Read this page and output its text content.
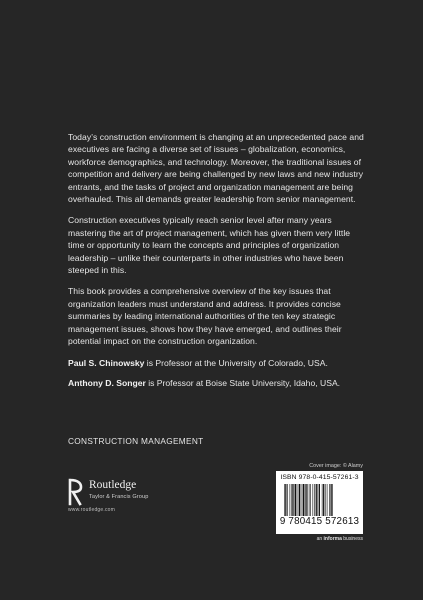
Today’s construction environment is changing at an unprecedented pace and executives are facing a diverse set of issues – globalization, economics, workforce demographics, and technology. Moreover, the traditional issues of competition and delivery are being challenged by new laws and new industry entrants, and the tasks of project and organization management are being overhauled. This all demands greater leadership from senior management.

Construction executives typically reach senior level after many years mastering the art of project management, which has given them very little time or opportunity to learn the concepts and principles of organization leadership – unlike their counterparts in other industries who have been steeped in this.

This book provides a comprehensive overview of the key issues that organization leaders must understand and address. It provides concise summaries by leading international authorities of the ten key strategic management issues, shows how they have emerged, and outlines their potential impact on the construction organization.

Paul S. Chinowsky is Professor at the University of Colorado, USA.

Anthony D. Songer is Professor at Boise State University, Idaho, USA.

CONSTRUCTION MANAGEMENT
Routledge
Taylor & Francis Group
www.routledge.com
Cover image: © Alamy
ISBN 978-0-415-57261-3
9 780415 572613
an informa business
